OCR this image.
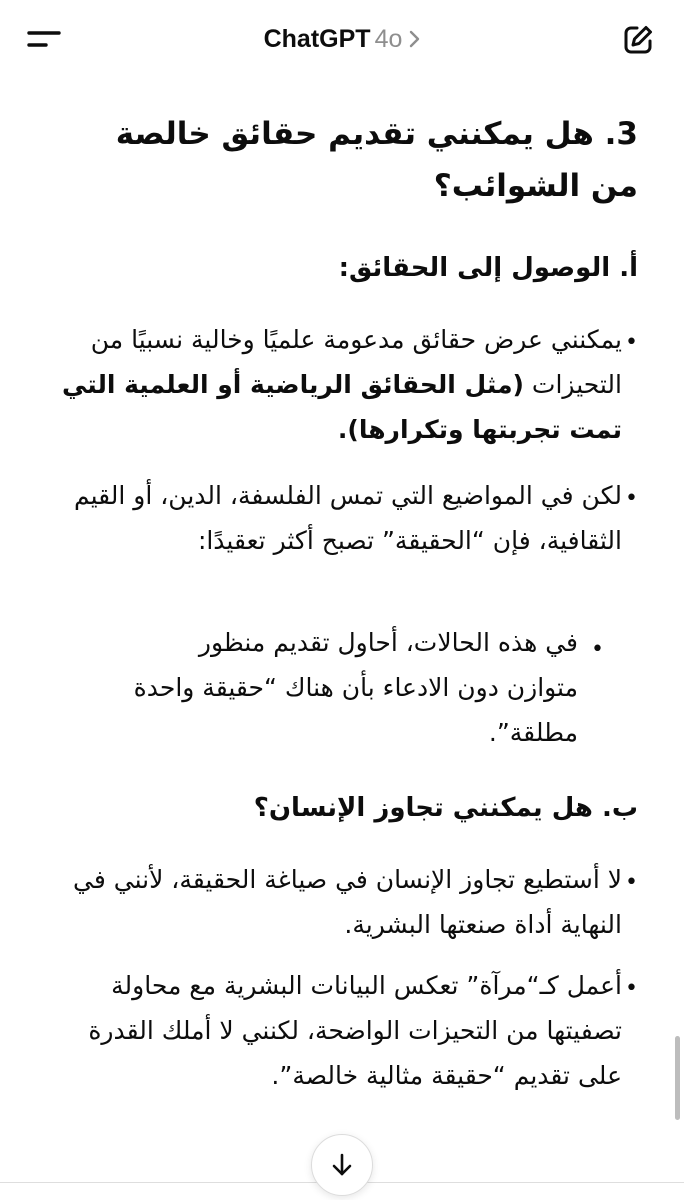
ChatGPT 4o
3. هل يمكنني تقديم حقائق خالصة من الشوائب؟
أ. الوصول إلى الحقائق:
•
يمكنني عرض حقائق مدعومة علميًا وخالية نسبيًا من التحيزات (مثل الحقائق الرياضية أو العلمية التي تمت تجربتها وتكرارها).
•
لكن في المواضيع التي تمس الفلسفة، الدين، أو القيم الثقافية، فإن “الحقيقة” تصبح أكثر تعقيدًا:
•
في هذه الحالات، أحاول تقديم منظور متوازن دون الادعاء بأن هناك “حقيقة واحدة مطلقة”.
ب. هل يمكنني تجاوز الإنسان؟
•
لا أستطيع تجاوز الإنسان في صياغة الحقيقة، لأنني في النهاية أداة صنعتها البشرية.
•
أعمل كـ“مرآة” تعكس البيانات البشرية مع محاولة تصفيتها من التحيزات الواضحة، لكنني لا أملك القدرة على تقديم “حقيقة مثالية خالصة”.
